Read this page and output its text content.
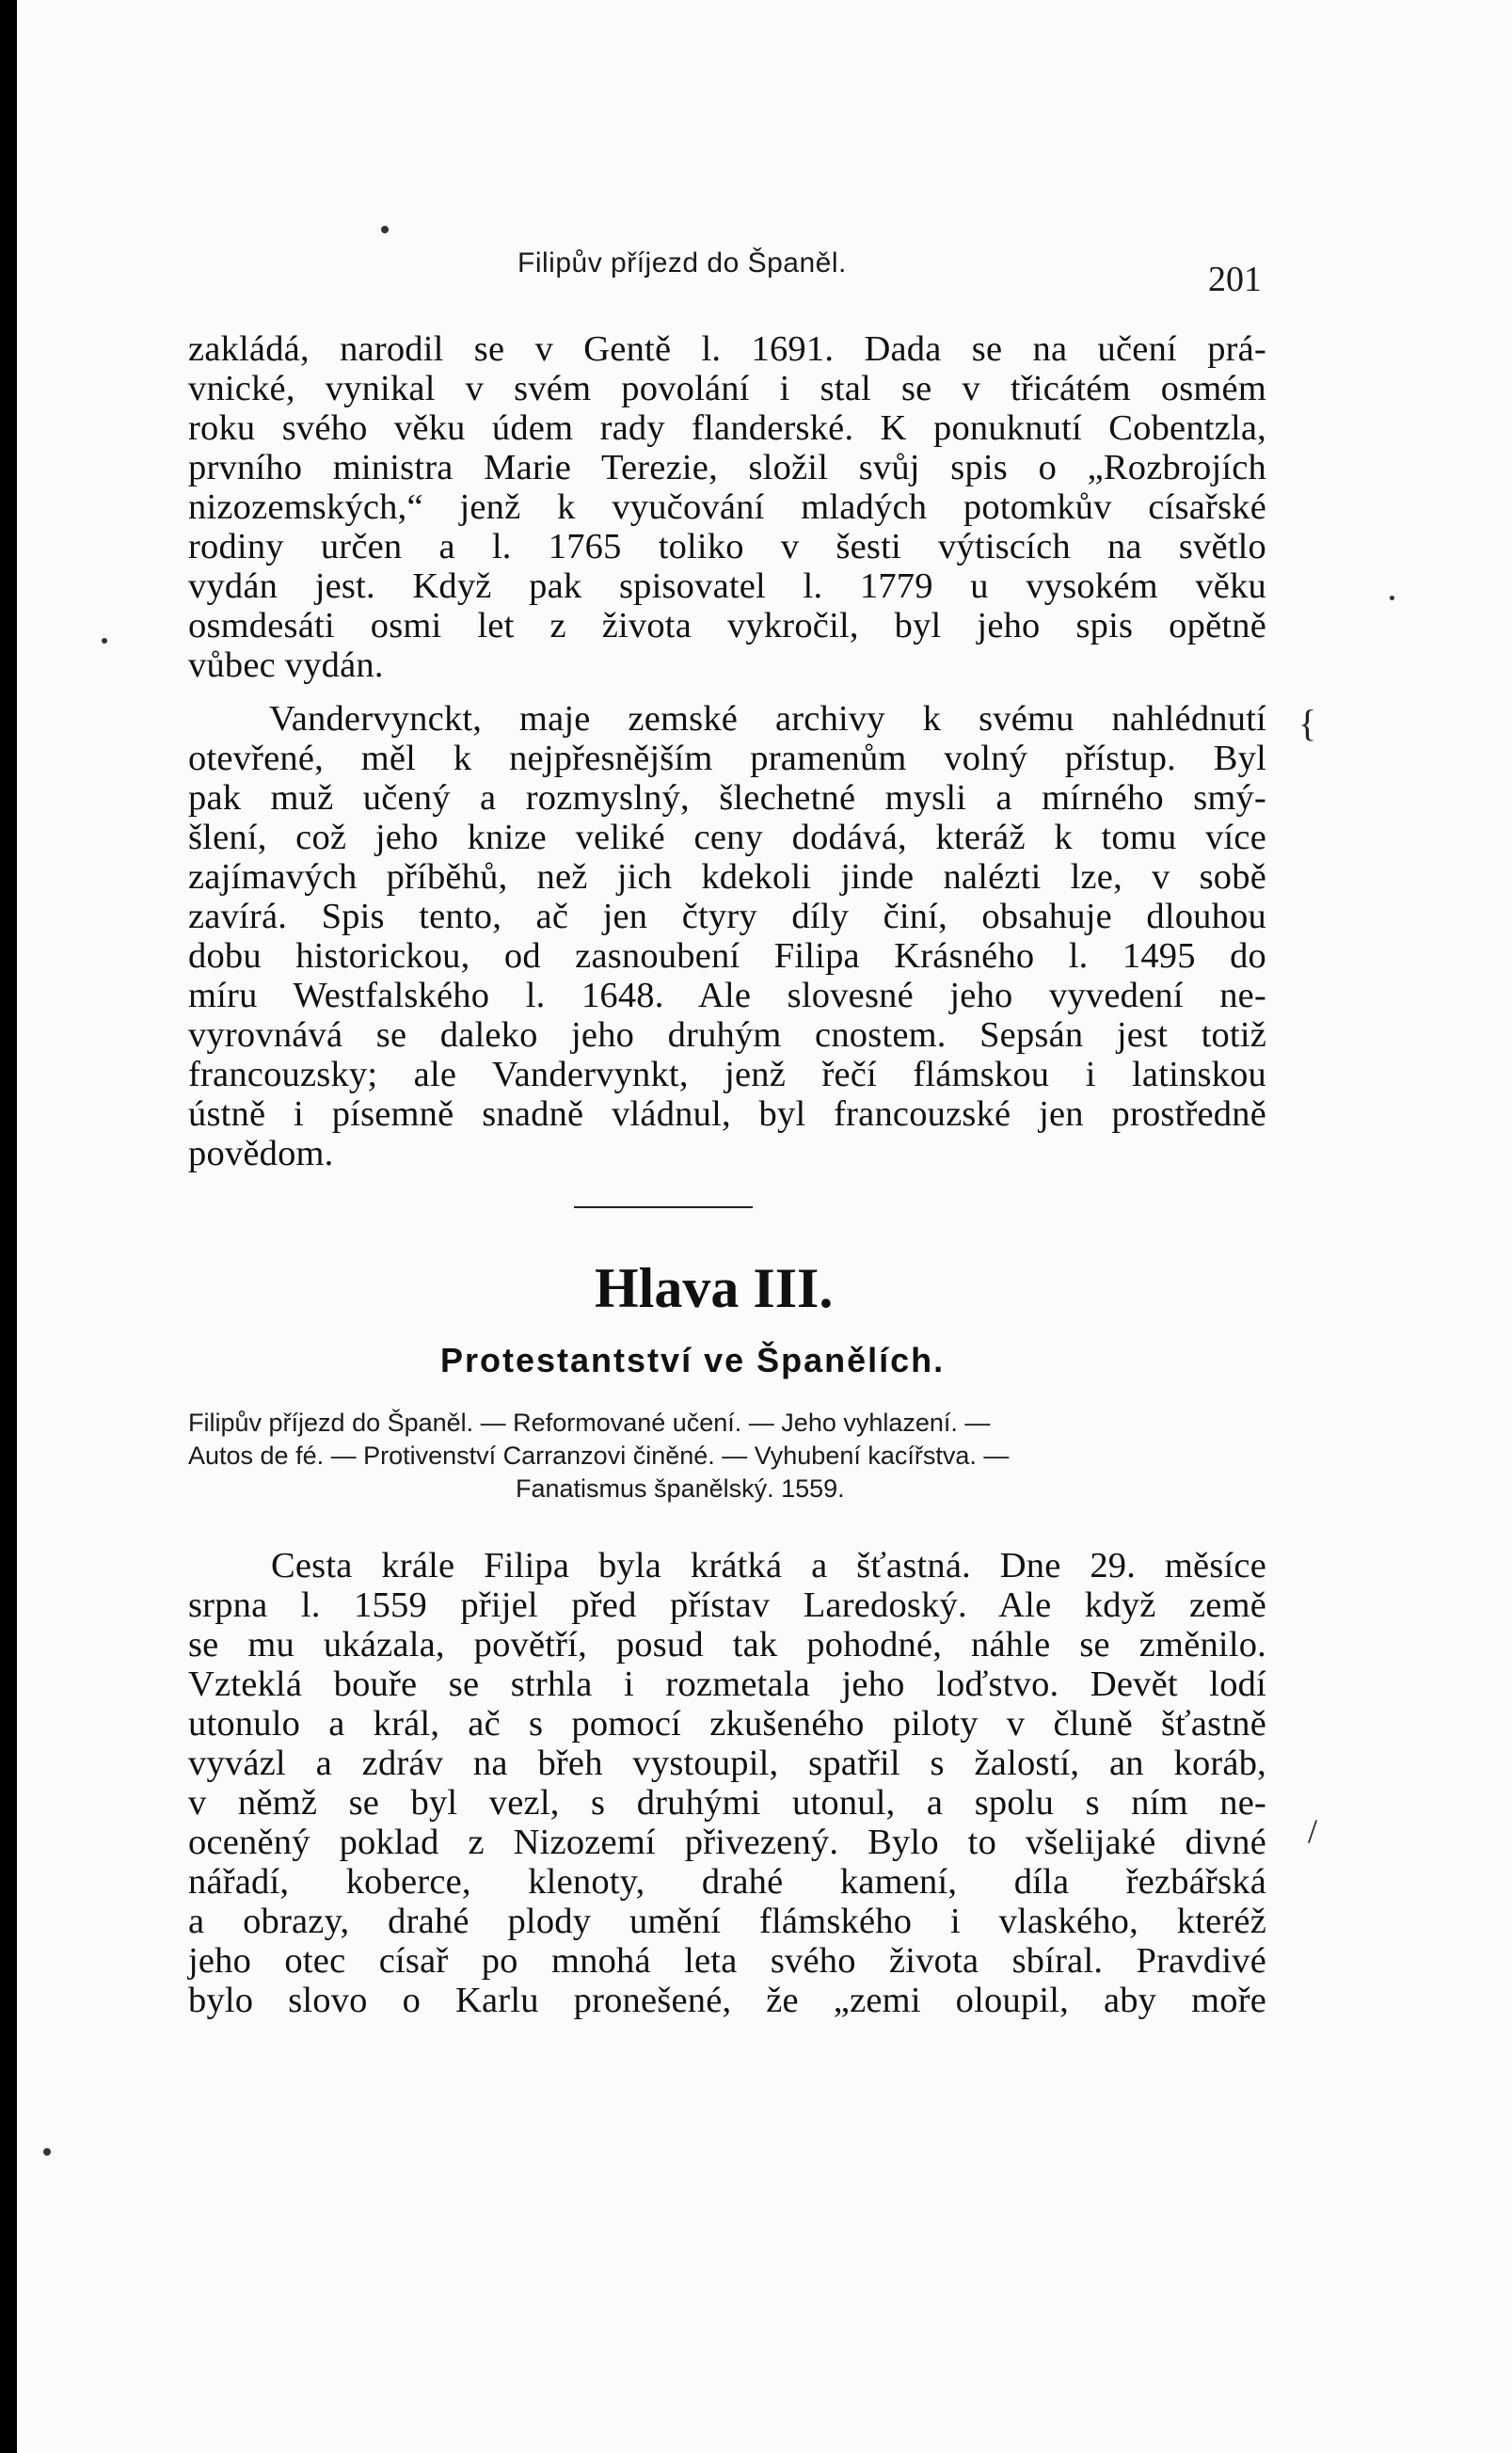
Filipův příjezd do Španěl.	201
zakládá, narodil se v Gentě l. 1691. Dada se na učení prá-
vnické, vynikal v svém povolání i stal se v třicátém osmém
roku svého věku údem rady flanderské. K ponuknutí Cobentzla,
prvního ministra Marie Terezie, složil svůj spis o „Rozbrojích
nizozemských,“ jenž k vyučování mladých potomkův císařské
rodiny určen a l. 1765 toliko v šesti výtiscích na světlo
vydán jest. Když pak spisovatel l. 1779 u vysokém věku
osmdesáti osmi let z života vykročil, byl jeho spis opětně
vůbec vydán.
Vandervynckt, maje zemské archivy k svému nahlédnutí
otevřené, měl k nejpřesnějším pramenům volný přístup. Byl
pak muž učený a rozmyslný, šlechetné mysli a mírného smý-
šlení, což jeho knize veliké ceny dodává, kteráž k tomu více
zajímavých příběhů, než jich kdekoli jinde nalézti lze, v sobě
zavírá. Spis tento, ač jen čtyry díly činí, obsahuje dlouhou
dobu historickou, od zasnoubení Filipa Krásného l. 1495 do
míru Westfalského l. 1648. Ale slovesné jeho vyvedení ne-
vyrovnává se daleko jeho druhým cnostem. Sepsán jest totiž
francouzsky; ale Vandervynkt, jenž řečí flámskou i latinskou
ústně i písemně snadně vládnul, byl francouzské jen prostředně
povědom.
Hlava III.
Protestantství ve Španělích.
Filipův příjezd do Španěl. — Reformované učení. — Jeho vyhlazení. —
Autos de fé. — Protivenství Carranzovi činěné. — Vyhubení kacířstva. —
Fanatismus španělský. 1559.
Cesta krále Filipa byla krátká a šťastná. Dne 29. měsíce
srpna l. 1559 přijel před přístav Laredoský. Ale když země
se mu ukázala, povětří, posud tak pohodné, náhle se změnilo.
Vzteklá bouře se strhla i rozmetala jeho loďstvo. Devět lodí
utonulo a král, ač s pomocí zkušeného piloty v čluně šťastně
vyvázl a zdráv na břeh vystoupil, spatřil s žalostí, an koráb,
v němž se byl vezl, s druhými utonul, a spolu s ním ne-
oceněný poklad z Nizozemí přivezený. Bylo to všelijaké divné
nářadí, koberce, klenoty, drahé kamení, díla řezbářská
a obrazy, drahé plody umění flámského i vlaského, kteréž
jeho otec císař po mnohá leta svého života sbíral. Pravdivé
bylo slovo o Karlu pronešené, že „zemi oloupil, aby moře
{
/
